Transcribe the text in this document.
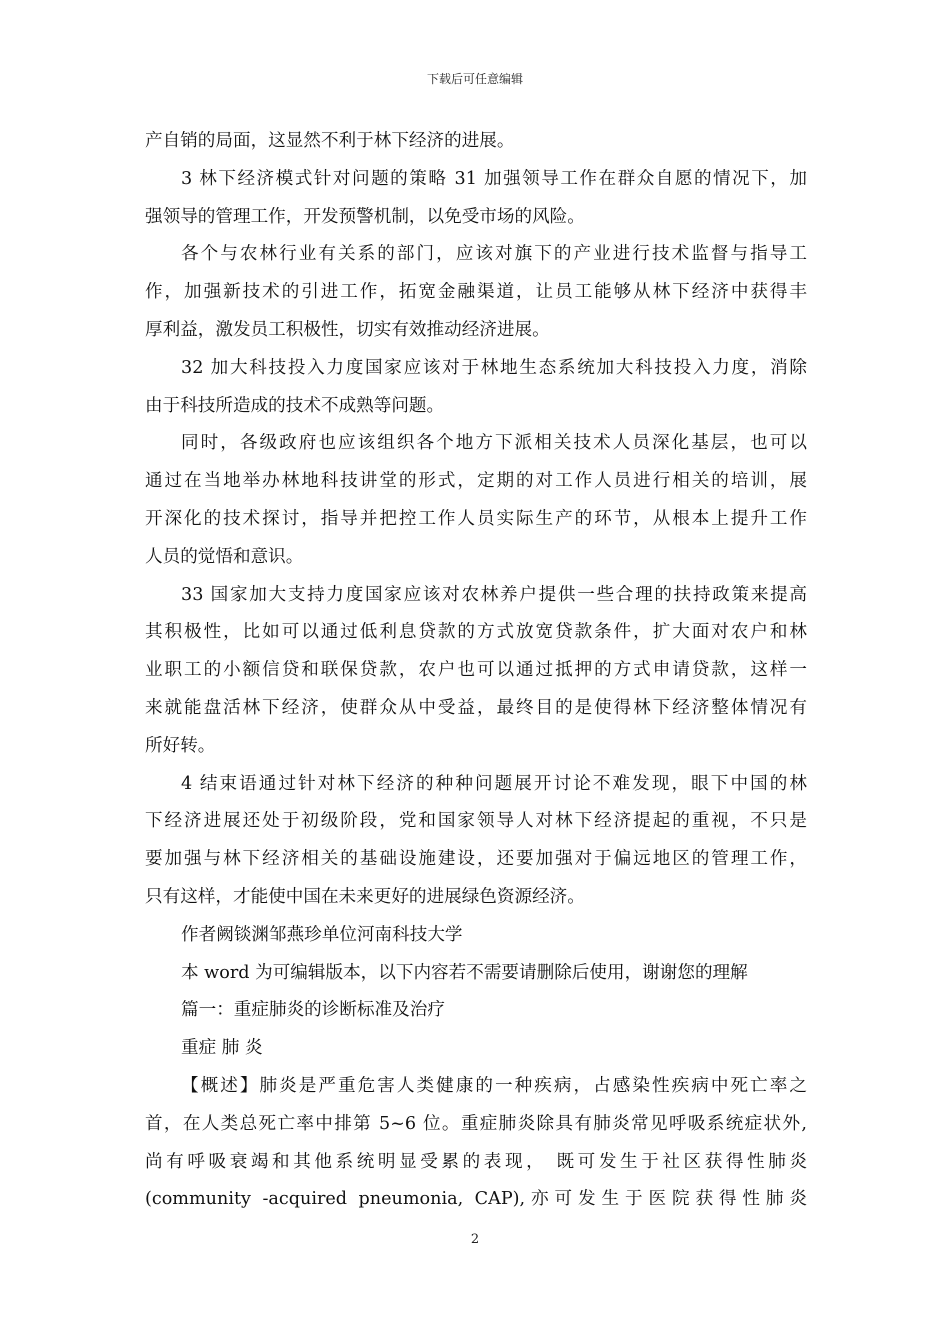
下载后可任意编辑
产自销的局面，这显然不利于林下经济的进展。
3 林下经济模式针对问题的策略 31 加强领导工作在群众自愿的情况下，加
强领导的管理工作，开发预警机制，以免受市场的风险。
各个与农林行业有关系的部门，应该对旗下的产业进行技术监督与指导工
作，加强新技术的引进工作，拓宽金融渠道，让员工能够从林下经济中获得丰
厚利益，激发员工积极性，切实有效推动经济进展。
32 加大科技投入力度国家应该对于林地生态系统加大科技投入力度，消除
由于科技所造成的技术不成熟等问题。
同时，各级政府也应该组织各个地方下派相关技术人员深化基层，也可以
通过在当地举办林地科技讲堂的形式，定期的对工作人员进行相关的培训，展
开深化的技术探讨，指导并把控工作人员实际生产的环节，从根本上提升工作
人员的觉悟和意识。
33 国家加大支持力度国家应该对农林养户提供一些合理的扶持政策来提高
其积极性，比如可以通过低利息贷款的方式放宽贷款条件，扩大面对农户和林
业职工的小额信贷和联保贷款，农户也可以通过抵押的方式申请贷款，这样一
来就能盘活林下经济，使群众从中受益，最终目的是使得林下经济整体情况有
所好转。
4 结束语通过针对林下经济的种种问题展开讨论不难发现，眼下中国的林
下经济进展还处于初级阶段，党和国家领导人对林下经济提起的重视，不只是
要加强与林下经济相关的基础设施建设，还要加强对于偏远地区的管理工作，
只有这样，才能使中国在未来更好的进展绿色资源经济。
作者阙锬渊邹燕珍单位河南科技大学
本 word 为可编辑版本，以下内容若不需要请删除后使用，谢谢您的理解
篇一：重症肺炎的诊断标准及治疗
重症 肺 炎
【概述】肺炎是严重危害人类健康的一种疾病，占感染性疾病中死亡率之
首，在人类总死亡率中排第 5~6 位。重症肺炎除具有肺炎常见呼吸系统症状外,
尚有呼吸衰竭和其他系统明显受累的表现， 既可发生于社区获得性肺炎
(community -acquired pneumonia, CAP),亦可发生于医院获得性肺炎
2
